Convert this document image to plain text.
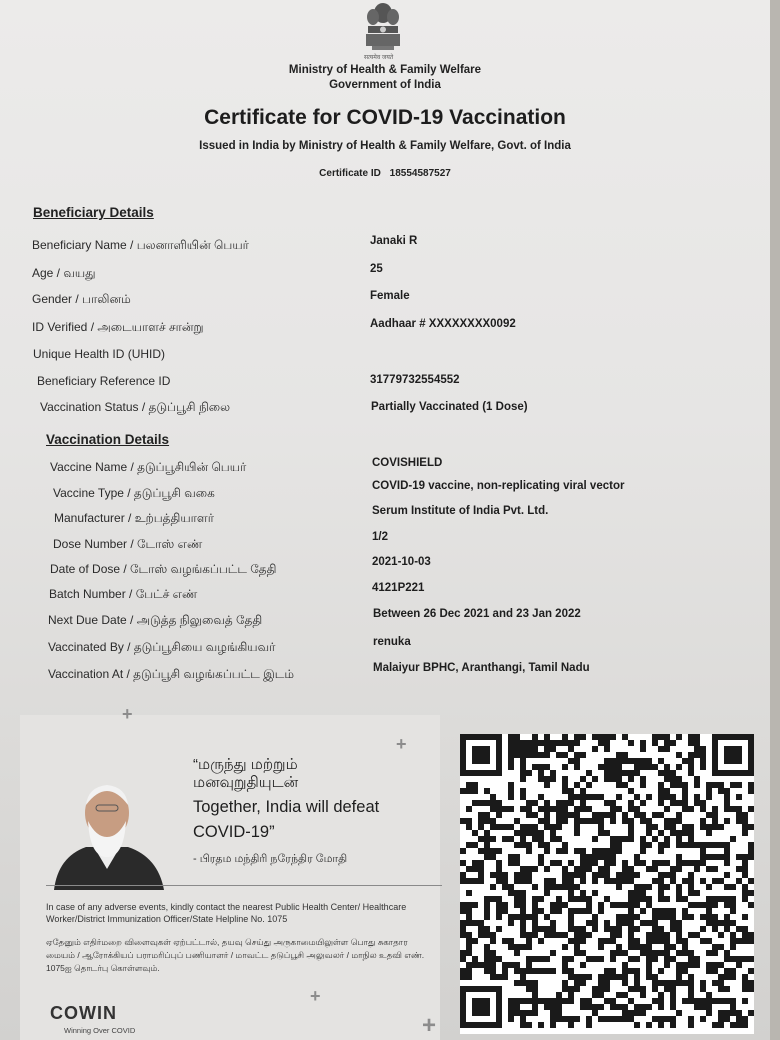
सत्यमेव जयते
Ministry of Health & Family Welfare
Government of India
Certificate for COVID-19 Vaccination
Issued in India by Ministry of Health & Family Welfare, Govt. of India
Certificate ID 18554587527
Beneficiary Details
Beneficiary Name / பலனாளியின் பெயர்	Janaki R
Age / வயது	25
Gender / பாலினம்	Female
ID Verified / அடையாளச் சான்று	Aadhaar # XXXXXXXX0092
Unique Health ID (UHID)
Beneficiary Reference ID	31779732554552
Vaccination Status / தடுப்பூசி நிலை	Partially Vaccinated (1 Dose)
Vaccination Details
Vaccine Name / தடுப்பூசியின் பெயர்	COVISHIELD
Vaccine Type / தடுப்பூசி வகை	COVID-19 vaccine, non-replicating viral vector
Manufacturer / உற்பத்தியாளர்	Serum Institute of India Pvt. Ltd.
Dose Number / டோஸ் எண்	1/2
Date of Dose / டோஸ் வழங்கப்பட்ட தேதி	2021-10-03
Batch Number / பேட்ச் எண்	4121P221
Next Due Date / அடுத்த நிலுவைத் தேதி	Between 26 Dec 2021 and 23 Jan 2022
Vaccinated By / தடுப்பூசியை வழங்கியவர்	renuka
Vaccination At / தடுப்பூசி வழங்கப்பட்ட இடம்	Malaiyur BPHC, Aranthangi, Tamil Nadu
+
+
+
+
“மருந்து மற்றும் மனவுறுதியுடன்
Together, India will defeat COVID-19”
- பிரதம மந்திரி நரேந்திர மோதி
In case of any adverse events, kindly contact the nearest Public Health Center/ Healthcare Worker/District Immunization Officer/State Helpline No. 1075
ஏதேனும் எதிர்மறை விளைவுகள் ஏற்பட்டால், தயவு செய்து அருகாமையிலுள்ள பொது சுகாதார மையம் / ஆரோக்கியப் பராமரிப்புப் பணியாளர் / மாவட்ட தடுப்பூசி அலுவலர் / மாநில உதவி எண். 1075ஐ தொடர்பு கொள்ளவும்.
COWIN
Winning Over COVID
